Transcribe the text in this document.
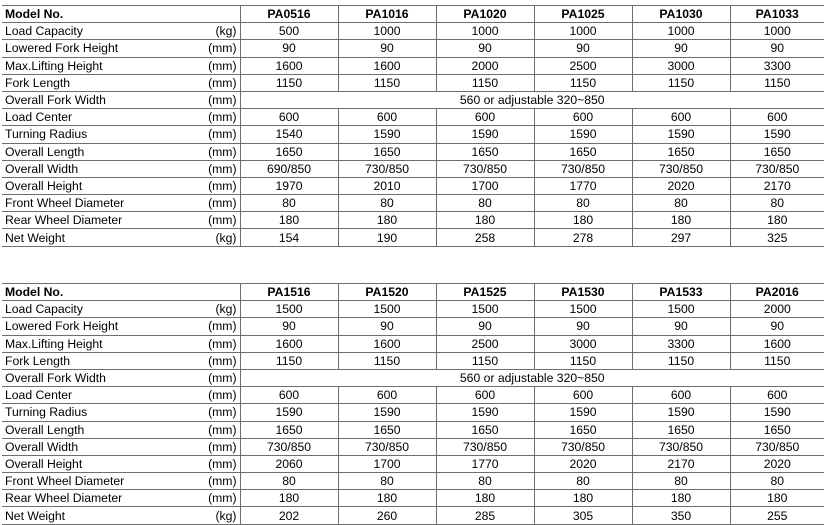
Model No.	PA0516	PA1016	PA1020	PA1025	PA1030	PA1033

Load Capacity (kg)	500	1000	1000	1000	1000	1000

Lowered Fork Height (mm)	90	90	90	90	90	90

Max.Lifting Height (mm)	1600	1600	2000	2500	3000	3300

Fork Length (mm)	1150	1150	1150	1150	1150	1150

Overall Fork Width (mm)	560 or adjustable 320~850					

Load Center (mm)	600	600	600	600	600	600

Turning Radius (mm)	1540	1590	1590	1590	1590	1590

Overall Length (mm)	1650	1650	1650	1650	1650	1650

Overall Width (mm)	690/850	730/850	730/850	730/850	730/850	730/850

Overall Height (mm)	1970	2010	1700	1770	2020	2170

Front Wheel Diameter (mm)	80	80	80	80	80	80

Rear Wheel Diameter (mm)	180	180	180	180	180	180

Net Weight (kg)	154	190	258	278	297	325
Model No.	PA1516	PA1520	PA1525	PA1530	PA1533	PA2016

Load Capacity (kg)	1500	1500	1500	1500	1500	2000

Lowered Fork Height (mm)	90	90	90	90	90	90

Max.Lifting Height (mm)	1600	1600	2500	3000	3300	1600

Fork Length (mm)	1150	1150	1150	1150	1150	1150

Overall Fork Width (mm)	560 or adjustable 320~850					

Load Center (mm)	600	600	600	600	600	600

Turning Radius (mm)	1590	1590	1590	1590	1590	1590

Overall Length (mm)	1650	1650	1650	1650	1650	1650

Overall Width (mm)	730/850	730/850	730/850	730/850	730/850	730/850

Overall Height (mm)	2060	1700	1770	2020	2170	2020

Front Wheel Diameter (mm)	80	80	80	80	80	80

Rear Wheel Diameter (mm)	180	180	180	180	180	180

Net Weight (kg)	202	260	285	305	350	255
